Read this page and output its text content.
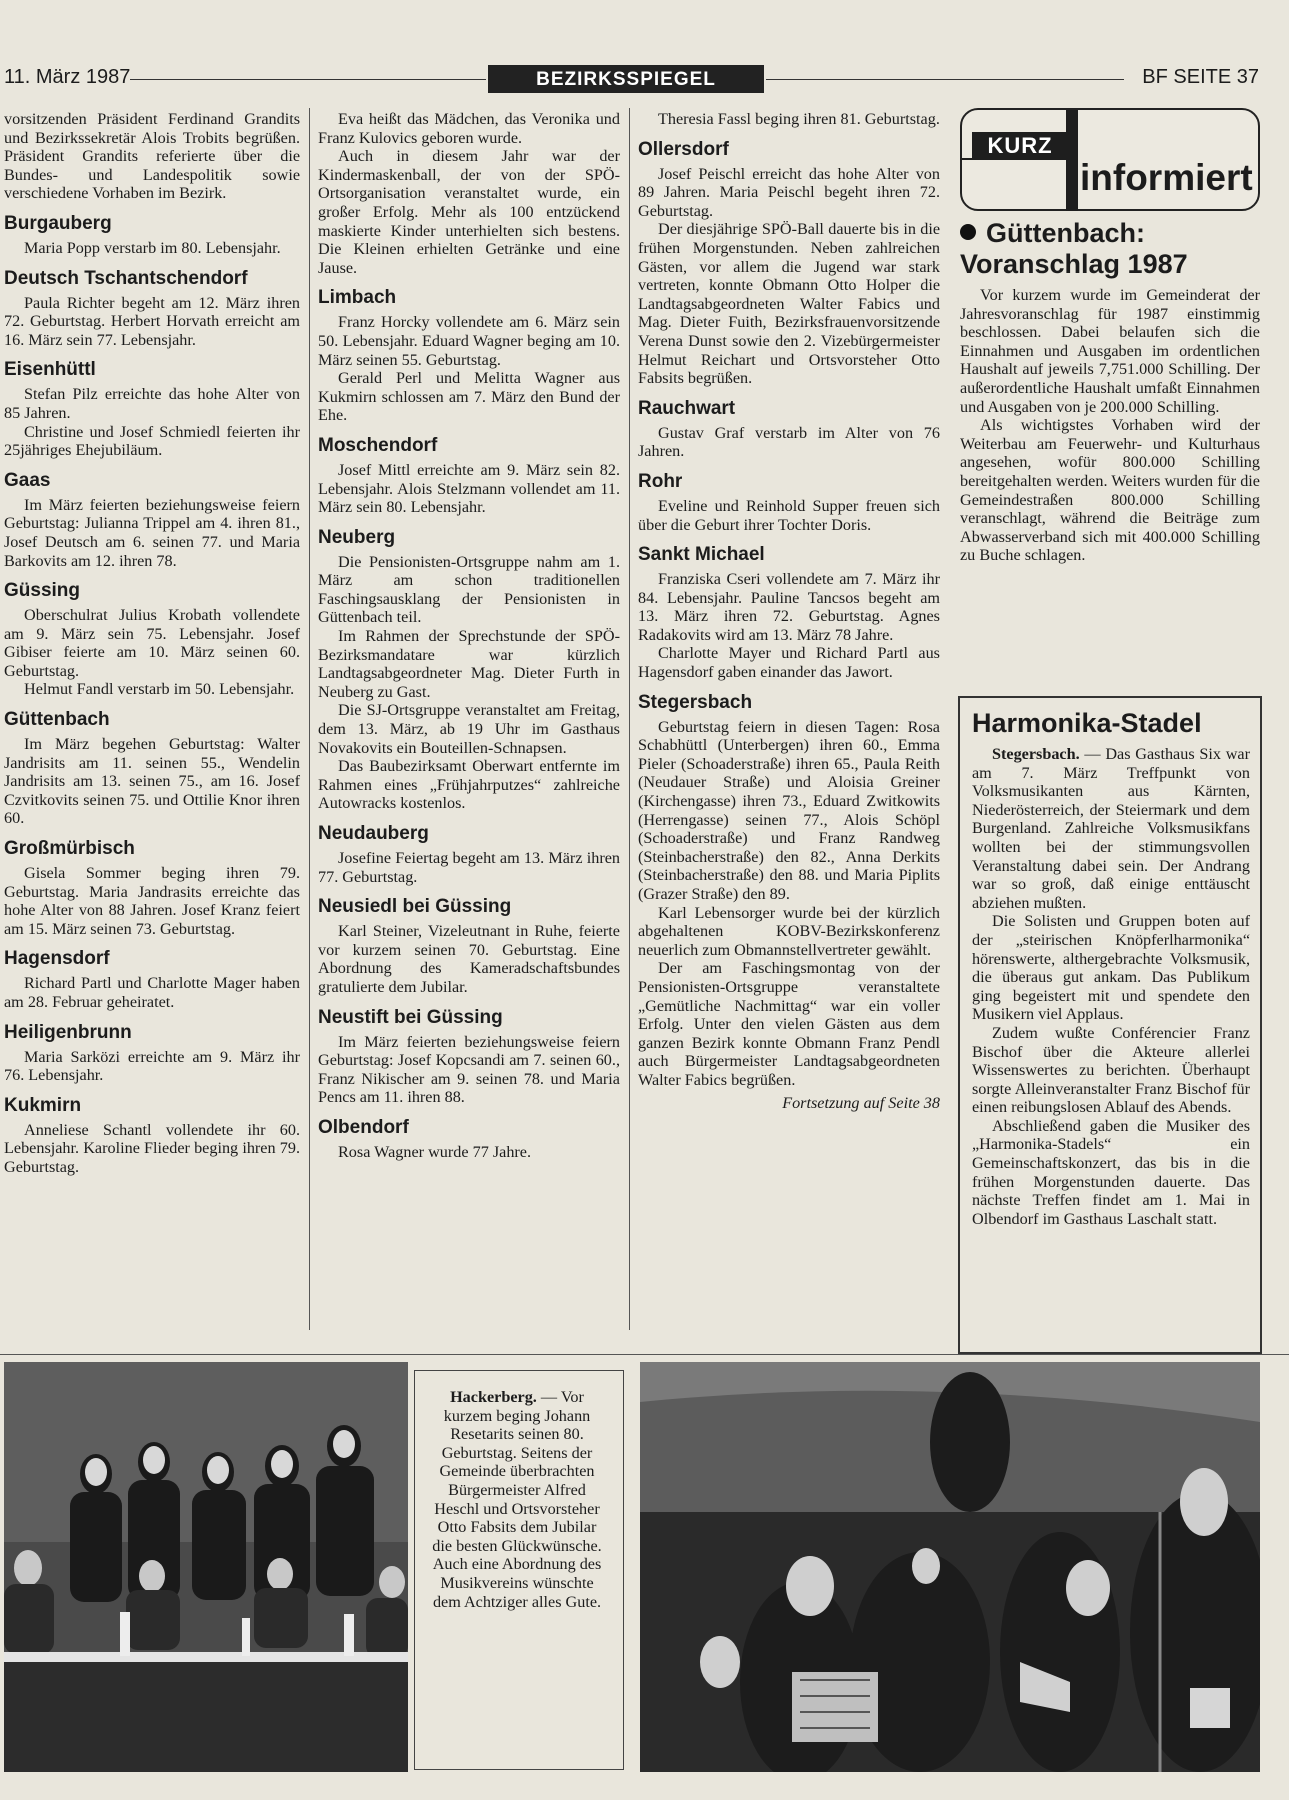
11. März 1987	BEZIRKSSPIEGEL	BF SEITE 37

vorsitzenden Präsident Ferdinand Grandits und Bezirkssekretär Alois Trobits begrüßen. Präsident Grandits referierte über die Bundes- und Landespolitik sowie verschiedene Vorhaben im Bezirk.

Burgauberg

Maria Popp verstarb im 80. Lebensjahr.

Deutsch Tschantschendorf

Paula Richter begeht am 12. März ihren 72. Geburtstag. Herbert Horvath erreicht am 16. März sein 77. Lebensjahr.

Eisenhüttl

Stefan Pilz erreichte das hohe Alter von 85 Jahren.

Christine und Josef Schmiedl feierten ihr 25jähriges Ehejubiläum.

Gaas

Im März feierten beziehungsweise feiern Geburtstag: Julianna Trippel am 4. ihren 81., Josef Deutsch am 6. seinen 77. und Maria Barkovits am 12. ihren 78.

Güssing

Oberschulrat Julius Krobath vollendete am 9. März sein 75. Lebensjahr. Josef Gibiser feierte am 10. März seinen 60. Geburtstag.

Helmut Fandl verstarb im 50. Lebensjahr.

Güttenbach

Im März begehen Geburtstag: Walter Jandrisits am 11. seinen 55., Wendelin Jandrisits am 13. seinen 75., am 16. Josef Czvitkovits seinen 75. und Ottilie Knor ihren 60.

Großmürbisch

Gisela Sommer beging ihren 79. Geburtstag. Maria Jandrasits erreichte das hohe Alter von 88 Jahren. Josef Kranz feiert am 15. März seinen 73. Geburtstag.

Hagensdorf

Richard Partl und Charlotte Mager haben am 28. Februar geheiratet.

Heiligenbrunn

Maria Sarközi erreichte am 9. März ihr 76. Lebensjahr.

Kukmirn

Anneliese Schantl vollendete ihr 60. Lebensjahr. Karoline Flieder beging ihren 79. Geburtstag.

Eva heißt das Mädchen, das Veronika und Franz Kulovics geboren wurde.

Auch in diesem Jahr war der Kindermaskenball, der von der SPÖ-Ortsorganisation veranstaltet wurde, ein großer Erfolg. Mehr als 100 entzückend maskierte Kinder unterhielten sich bestens. Die Kleinen erhielten Getränke und eine Jause.

Limbach

Franz Horcky vollendete am 6. März sein 50. Lebensjahr. Eduard Wagner beging am 10. März seinen 55. Geburtstag.

Gerald Perl und Melitta Wagner aus Kukmirn schlossen am 7. März den Bund der Ehe.

Moschendorf

Josef Mittl erreichte am 9. März sein 82. Lebensjahr. Alois Stelzmann vollendet am 11. März sein 80. Lebensjahr.

Neuberg

Die Pensionisten-Ortsgruppe nahm am 1. März am schon traditionellen Faschingsausklang der Pensionisten in Güttenbach teil.

Im Rahmen der Sprechstunde der SPÖ-Bezirksmandatare war kürzlich Landtagsabgeordneter Mag. Dieter Furth in Neuberg zu Gast.

Die SJ-Ortsgruppe veranstaltet am Freitag, dem 13. März, ab 19 Uhr im Gasthaus Novakovits ein Bouteillen-Schnapsen.

Das Baubezirksamt Oberwart entfernte im Rahmen eines „Frühjahrputzes“ zahlreiche Autowracks kostenlos.

Neudauberg

Josefine Feiertag begeht am 13. März ihren 77. Geburtstag.

Neusiedl bei Güssing

Karl Steiner, Vizeleutnant in Ruhe, feierte vor kurzem seinen 70. Geburtstag. Eine Abordnung des Kameradschaftsbundes gratulierte dem Jubilar.

Neustift bei Güssing

Im März feierten beziehungsweise feiern Geburtstag: Josef Kopcsandi am 7. seinen 60., Franz Nikischer am 9. seinen 78. und Maria Pencs am 11. ihren 88.

Olbendorf

Rosa Wagner wurde 77 Jahre.

Theresia Fassl beging ihren 81. Geburtstag.

Ollersdorf

Josef Peischl erreicht das hohe Alter von 89 Jahren. Maria Peischl begeht ihren 72. Geburtstag.

Der diesjährige SPÖ-Ball dauerte bis in die frühen Morgenstunden. Neben zahlreichen Gästen, vor allem die Jugend war stark vertreten, konnte Obmann Otto Holper die Landtagsabgeordneten Walter Fabics und Mag. Dieter Fuith, Bezirksfrauenvorsitzende Verena Dunst sowie den 2. Vizebürgermeister Helmut Reichart und Ortsvorsteher Otto Fabsits begrüßen.

Rauchwart

Gustav Graf verstarb im Alter von 76 Jahren.

Rohr

Eveline und Reinhold Supper freuen sich über die Geburt ihrer Tochter Doris.

Sankt Michael

Franziska Cseri vollendete am 7. März ihr 84. Lebensjahr. Pauline Tancsos begeht am 13. März ihren 72. Geburtstag. Agnes Radakovits wird am 13. März 78 Jahre.

Charlotte Mayer und Richard Partl aus Hagensdorf gaben einander das Jawort.

Stegersbach

Geburtstag feiern in diesen Tagen: Rosa Schabhüttl (Unterbergen) ihren 60., Emma Pieler (Schoaderstraße) ihren 65., Paula Reith (Neudauer Straße) und Aloisia Greiner (Kirchengasse) ihren 73., Eduard Zwitkowits (Herrengasse) seinen 77., Alois Schöpl (Schoaderstraße) und Franz Randweg (Steinbacherstraße) den 82., Anna Derkits (Steinbacherstraße) den 88. und Maria Piplits (Grazer Straße) den 89.

Karl Lebensorger wurde bei der kürzlich abgehaltenen KOBV-Bezirkskonferenz neuerlich zum Obmannstellvertreter gewählt.

Der am Faschingsmontag von der Pensionisten-Ortsgruppe veranstaltete „Gemütliche Nachmittag“ war ein voller Erfolg. Unter den vielen Gästen aus dem ganzen Bezirk konnte Obmann Franz Pendl auch Bürgermeister Landtagsabgeordneten Walter Fabics begrüßen.

Fortsetzung auf Seite 38
KURZ
informiert
Güttenbach:
Voranschlag 1987

Vor kurzem wurde im Gemeinderat der Jahresvoranschlag für 1987 einstimmig beschlossen. Dabei belaufen sich die Einnahmen und Ausgaben im ordentlichen Haushalt auf jeweils 7,751.000 Schilling. Der außerordentliche Haushalt umfaßt Einnahmen und Ausgaben von je 200.000 Schilling.

Als wichtigstes Vorhaben wird der Weiterbau am Feuerwehr- und Kulturhaus angesehen, wofür 800.000 Schilling bereitgehalten werden. Weiters wurden für die Gemeindestraßen 800.000 Schilling veranschlagt, während die Beiträge zum Abwasserverband sich mit 400.000 Schilling zu Buche schlagen.

Harmonika-Stadel

Stegersbach. — Das Gasthaus Six war am 7. März Treffpunkt von Volksmusikanten aus Kärnten, Niederösterreich, der Steiermark und dem Burgenland. Zahlreiche Volksmusikfans wollten bei der stimmungsvollen Veranstaltung dabei sein. Der Andrang war so groß, daß einige enttäuscht abziehen mußten.

Die Solisten und Gruppen boten auf der „steirischen Knöpferlharmonika“ hörenswerte, althergebrachte Volksmusik, die überaus gut ankam. Das Publikum ging begeistert mit und spendete den Musikern viel Applaus.

Zudem wußte Conférencier Franz Bischof über die Akteure allerlei Wissenswertes zu berichten. Überhaupt sorgte Alleinveranstalter Franz Bischof für einen reibungslosen Ablauf des Abends.

Abschließend gaben die Musiker des „Harmonika-Stadels“ ein Gemeinschaftskonzert, das bis in die frühen Morgenstunden dauerte. Das nächste Treffen findet am 1. Mai in Olbendorf im Gasthaus Laschalt statt.

Hackerberg. — Vor kurzem beging Johann Resetarits seinen 80. Geburtstag. Seitens der Gemeinde überbrachten Bürgermeister Alfred Heschl und Ortsvorsteher Otto Fabsits dem Jubilar die besten Glückwünsche. Auch eine Abordnung des Musikvereins wünschte dem Achtziger alles Gute.
